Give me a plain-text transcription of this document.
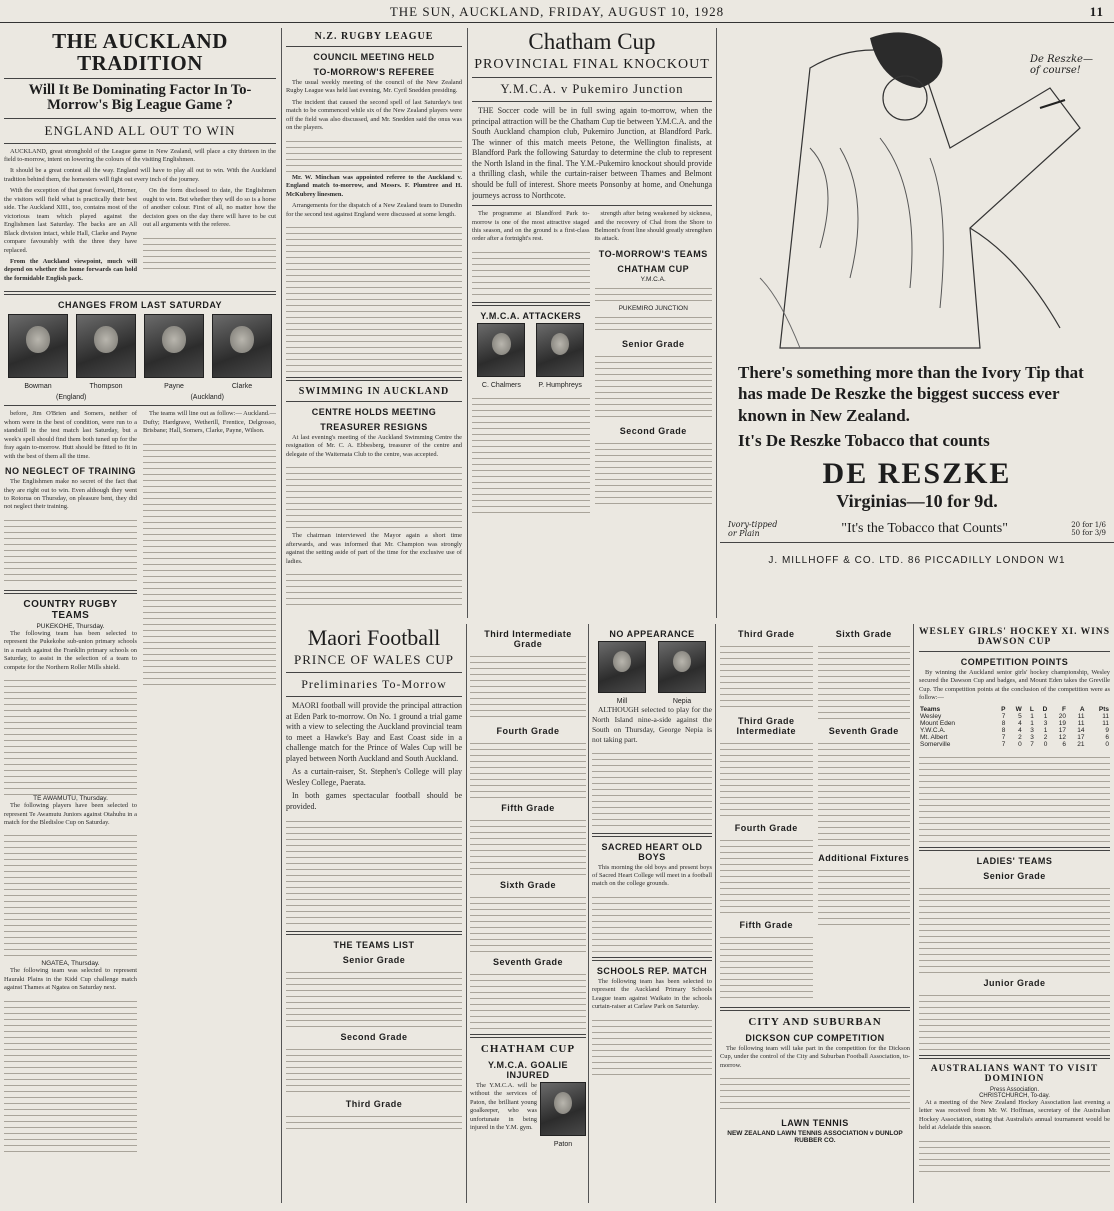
THE SUN, AUCKLAND, FRIDAY, AUGUST 10, 1928	11
THE AUCKLAND TRADITION
Will It Be Dominating Factor In To-Morrow's Big League Game ?
ENGLAND ALL OUT TO WIN

AUCKLAND, great stronghold of the League game in New Zealand, will place a city thirteen in the field to-morrow, intent on lowering the colours of the visiting Englishmen.

It should be a great contest all the way. England will have to play all out to win. With the Auckland tradition behind them, the homesters will fight out every inch of the journey.

With the exception of that great forward, Horner, the visitors will field what is practically their best side. The Auckland XIII., too, contains most of the victorious team which played against the Englishmen last Saturday. The backs are an All Black division intact, while Hall, Clarke and Payne compare favourably with the three they have replaced.

From the Auckland viewpoint, much will depend on whether the home forwards can hold the formidable English pack.

On the form disclosed to date, the Englishmen ought to win. But whether they will do so is a horse of another colour. First of all, no matter how the decision goes on the day there will have to be cut out all arguments with the referee.

CHANGES FROM LAST SATURDAY
Bowman	Thompson	Payne	Clarke
(England)	(Auckland)

before, Jim O'Brien and Somers, neither of whom were in the best of condition, were run to a standstill in the test match last Saturday, but a week's spell should find them both tuned up for the fray again to-morrow. Hutt should be fitted to fit in with the best of them all the time.

NO NEGLECT OF TRAINING

The Englishmen make no secret of the fact that they are right out to win. Even although they went to Rotorua on Thursday, on pleasure bent, they did not neglect their training.

COUNTRY RUGBY TEAMS
PUKEKOHE, Thursday.

The following team has been selected to represent the Pukekohe sub-union primary schools in a match against the Franklin primary schools on Saturday, to assist in the selection of a team to compete for the Northern Roller Mills shield.

TE AWAMUTU, Thursday.

The following players have been selected to represent Te Awamutu Juniors against Otahuhu in a match for the Bledisloe Cup on Saturday.

NGATEA, Thursday.

The following team was selected to represent Hauraki Plains in the Kidd Cup challenge match against Thames at Ngatea on Saturday next.

The teams will line out as follow:— Auckland.—Dufty; Hardgrave, Wetherill, Frentice, Delgrosso, Brisbane; Hall, Somers, Clarke, Payne, Wilson.

N.Z. RUGBY LEAGUE
COUNCIL MEETING HELD
TO-MORROW'S REFEREE

The usual weekly meeting of the council of the New Zealand Rugby League was held last evening, Mr. Cyril Snedden presiding.

The incident that caused the second spell of last Saturday's test match to be commenced while six of the New Zealand players were off the field was also discussed, and Mr. Snedden said the onus was on the players.

Mr. W. Minchan was appointed referee to the Auckland v. England match to-morrow, and Messrs. F. Plumtree and H. McKubrey linesmen.

Arrangements for the dispatch of a New Zealand team to Dunedin for the second test against England were discussed at some length.

SWIMMING IN AUCKLAND
CENTRE HOLDS MEETING
TREASURER RESIGNS

At last evening's meeting of the Auckland Swimming Centre the resignation of Mr. C. A. Ebbesberg, treasurer of the centre and delegate of the Waitemata Club to the centre, was accepted.

The chairman interviewed the Mayor again a short time afterwards, and was informed that Mr. Champion was strongly against the setting aside of part of the time for the exclusive use of ladies.

Chatham Cup
PROVINCIAL FINAL KNOCKOUT
Y.M.C.A. v Pukemiro Junction

THE Soccer code will be in full swing again to-morrow, when the principal attraction will be the Chatham Cup tie between Y.M.C.A. and the South Auckland champion club, Pukemiro Junction, at Blandford Park. The winner of this match meets Petone, the Wellington finalists, at Blandford Park the following Saturday to determine the club to represent the North Island in the final. The Y.M.-Pukemiro knockout should provide a thrilling clash, while the curtain-raiser between Thames and Belmont should be full of interest. Shore meets Ponsonby at home, and Onehunga journeys across to Northcote.

The programme at Blandford Park to-morrow is one of the most attractive staged this season, and on the ground is a first-class order after a fortnight's rest.

Y.M.C.A. ATTACKERS
C. Chalmers	P. Humphreys

strength after being weakened by sickness, and the recovery of Chal from the Shore to Belmont's front line should greatly strengthen its attack.

TO-MORROW'S TEAMS
CHATHAM CUP
Y.M.C.A.
PUKEMIRO JUNCTION
Senior Grade
Second Grade
De Reszke— of course!
There's something more than the Ivory Tip that has made De Reszke the biggest success ever known in New Zealand.
It's De Reszke Tobacco that counts
DE RESZKE
Virginias—10 for 9d.
Ivory-tipped or Plain	"It's the Tobacco that Counts"	20 for 1/6
50 for 3/9
J. MILLHOFF & CO. LTD. 86 PICCADILLY LONDON W1
Maori Football
PRINCE OF WALES CUP
Preliminaries To-Morrow

MAORI football will provide the principal attraction at Eden Park to-morrow. On No. 1 ground a trial game with a view to selecting the Auckland provincial team to meet a Hawke's Bay and East Coast side in a challenge match for the Prince of Wales Cup will be played between North Auckland and South Auckland.

As a curtain-raiser, St. Stephen's College will play Wesley College, Paerata.

In both games spectacular football should be provided.

THE TEAMS LIST
Senior Grade
Second Grade
Third Grade
Third Intermediate Grade
Fourth Grade
Fifth Grade
Sixth Grade
Seventh Grade
CHATHAM CUP
Y.M.C.A. GOALIE INJURED

The Y.M.C.A. will be without the services of Paton, the brilliant young goalkeeper, who was unfortunate in being injured in the Y.M. gym.

Paton
NO APPEARANCE
Mill	Nepia

ALTHOUGH selected to play for the North Island nine-a-side against the South on Thursday, George Nepia is not taking part.

SACRED HEART OLD BOYS

This morning the old boys and present boys of Sacred Heart College will meet in a football match on the college grounds.

SCHOOLS REP. MATCH

The following team has been selected to represent the Auckland Primary Schools League team against Waikato in the schools curtain-raiser at Carlaw Park on Saturday.

Third Grade
Third Grade Intermediate
Fourth Grade
Fifth Grade
Sixth Grade
Seventh Grade
Additional Fixtures
CITY AND SUBURBAN
DICKSON CUP COMPETITION

The following team will take part in the competition for the Dickson Cup, under the control of the City and Suburban Football Association, to-morrow.

LAWN TENNIS
NEW ZEALAND LAWN TENNIS ASSOCIATION v DUNLOP RUBBER CO.
WESLEY GIRLS' HOCKEY XI. WINS DAWSON CUP
COMPETITION POINTS

By winning the Auckland senior girls' hockey championship, Wesley secured the Dawson Cup and badges, and Mount Eden takes the Greville Cup. The competition points at the conclusion of the competition were as follow:—

Teams	P	W	L	D	F	A	Pts
Wesley	7	5	1	1	20	11	11
Mount Eden	8	4	1	3	19	11	11
Y.W.C.A.	8	4	3	1	17	14	9
Mt. Albert	7	2	3	2	12	17	6
Somerville	7	0	7	0	6	21	0
LADIES' TEAMS
Senior Grade
Junior Grade
AUSTRALIANS WANT TO VISIT DOMINION
Press Association.
CHRISTCHURCH, To-day.

At a meeting of the New Zealand Hockey Association last evening a letter was received from Mr. W. Hoffman, secretary of the Australian Hockey Association, stating that Australia's annual tournament would be held at Adelaide this season.
